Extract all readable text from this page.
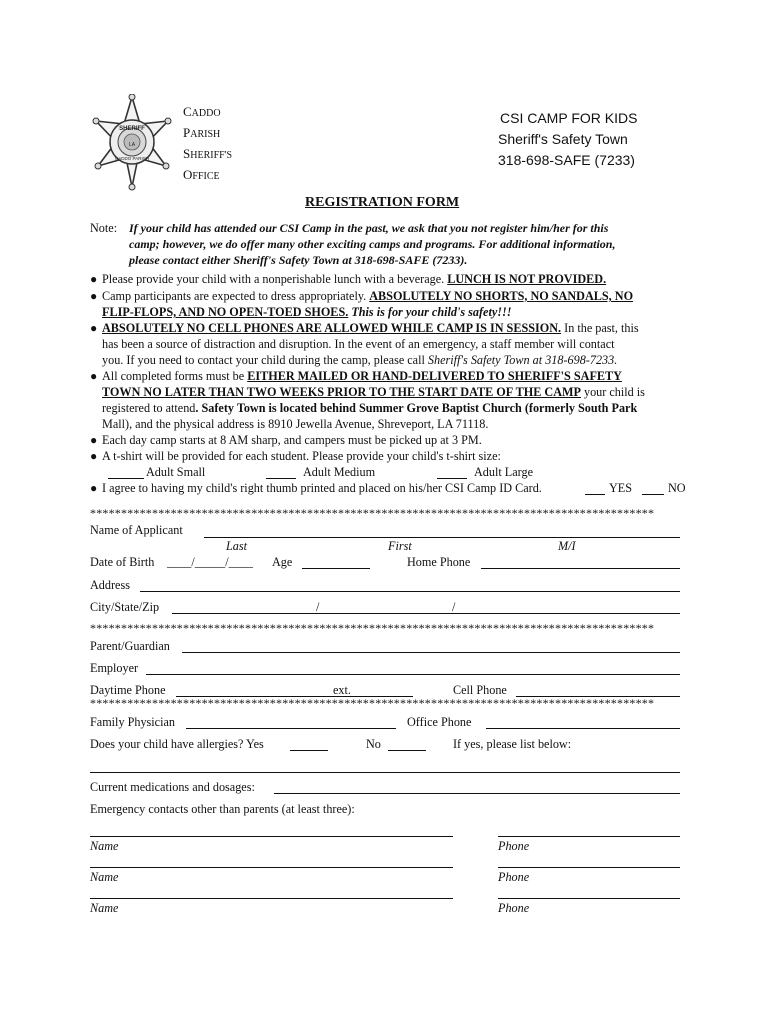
SHERIFF
CADDO PARISH
LA
CADDO
PARISH
SHERIFF'S
OFFICE
CSI CAMP FOR KIDS
Sheriff's Safety Town
318-698-SAFE (7233)
REGISTRATION FORM
Note: If your child has attended our CSI Camp in the past, we ask that you not register him/her for this
camp; however, we do offer many other exciting camps and programs. For additional information,
please contact either Sheriff's Safety Town at 318-698-SAFE (7233).
● Please provide your child with a nonperishable lunch with a beverage. LUNCH IS NOT PROVIDED.
● Camp participants are expected to dress appropriately. ABSOLUTELY NO SHORTS, NO SANDALS, NO
FLIP-FLOPS, AND NO OPEN-TOED SHOES. This is for your child's safety!!!
● ABSOLUTELY NO CELL PHONES ARE ALLOWED WHILE CAMP IS IN SESSION. In the past, this
has been a source of distraction and disruption. In the event of an emergency, a staff member will contact
you. If you need to contact your child during the camp, please call Sheriff's Safety Town at 318-698-7233.
● All completed forms must be EITHER MAILED OR HAND-DELIVERED TO SHERIFF'S SAFETY
TOWN NO LATER THAN TWO WEEKS PRIOR TO THE START DATE OF THE CAMP your child is
registered to attend. Safety Town is located behind Summer Grove Baptist Church (formerly South Park
Mall), and the physical address is 8910 Jewella Avenue, Shreveport, LA 71118.
● Each day camp starts at 8 AM sharp, and campers must be picked up at 3 PM.
● A t-shirt will be provided for each student. Please provide your child's t-shirt size:
Adult Small	Adult Medium	Adult Large
● I agree to having my child's right thumb printed and placed on his/her CSI Camp ID Card.	YES	NO
*******************************************************************************************
Name of Applicant
Last	First	M/I
Date of Birth ____/_____/____ Age	Home Phone
Address
City/State/Zip	/	/
*******************************************************************************************
Parent/Guardian
Employer
Daytime Phone	ext.	Cell Phone
*******************************************************************************************
Family Physician	Office Phone
Does your child have allergies? Yes	No	If yes, please list below:
Current medications and dosages:
Emergency contacts other than parents (at least three):
Name	Phone
Name	Phone
Name	Phone
